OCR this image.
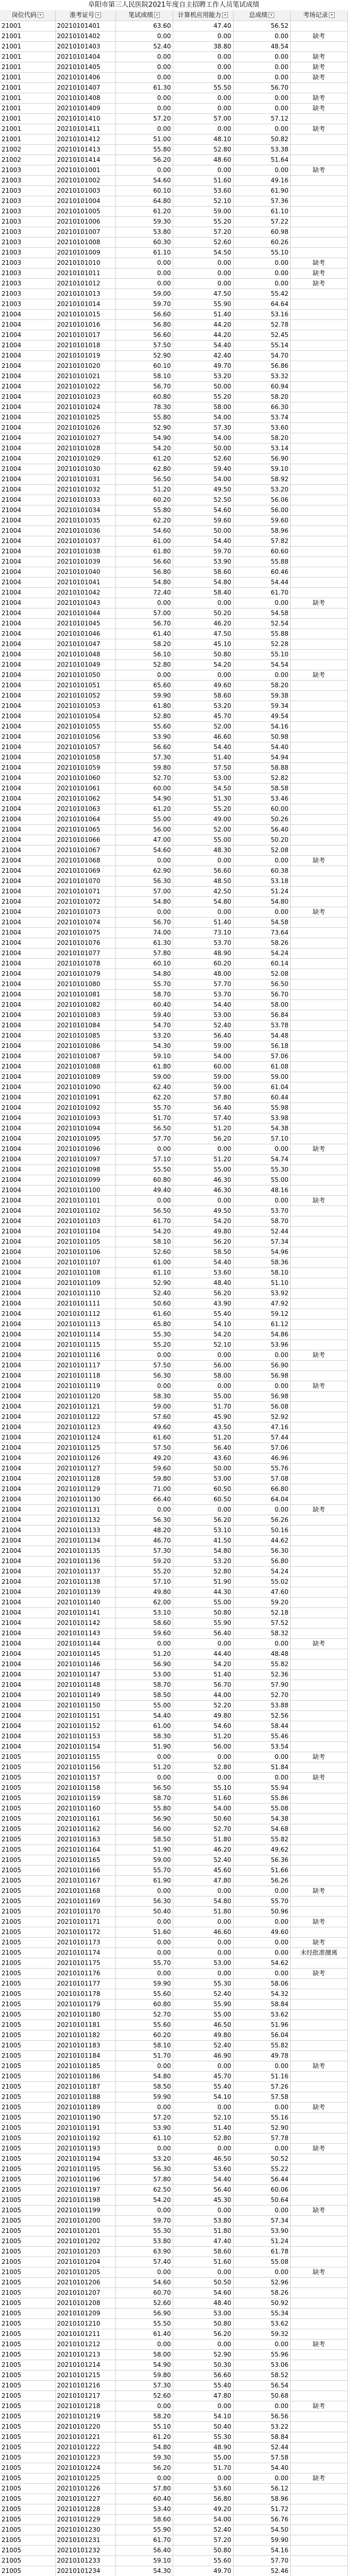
阜阳市第三人民医院2021年度自主招聘工作人员笔试成绩
岗位代码 ▾	准考证号 ▾	笔试成绩 ▾	计算机应用能力 ▾	总成绩 ▾	考场记录 ▾
21001	20210101401	63.60	47.40	56.52	
21001	20210101402	0.00	0.00	0.00	缺考
21001	20210101403	52.40	38.80	48.54	
21001	20210101404	0.00	0.00	0.00	缺考
21001	20210101405	0.00	0.00	0.00	缺考
21001	20210101406	0.00	0.00	0.00	缺考
21001	20210101407	61.30	55.50	56.70	
21001	20210101408	0.00	0.00	0.00	缺考
21001	20210101409	0.00	0.00	0.00	缺考
21001	20210101410	57.20	57.00	57.12	
21001	20210101411	0.00	0.00	0.00	缺考
21001	20210101412	51.00	48.10	50.82	
21002	20210101413	55.80	52.80	53.38	
21002	20210101414	56.20	48.60	51.64	
21003	20210101001	0.00	0.00	0.00	缺考
21003	20210101002	54.60	51.60	49.16	
21003	20210101003	60.10	53.60	61.90	
21003	20210101004	64.80	52.10	57.36	
21003	20210101005	61.20	59.00	61.10	
21003	20210101006	59.30	55.20	57.22	
21003	20210101007	53.80	57.20	60.98	
21003	20210101008	60.30	52.60	60.26	
21003	20210101009	61.10	54.50	55.10	
21003	20210101010	0.00	0.00	0.00	缺考
21003	20210101011	0.00	0.00	0.00	缺考
21003	20210101012	0.00	0.00	0.00	缺考
21003	20210101013	59.00	47.50	55.42	
21003	20210101014	59.70	55.90	64.64	
21004	20210101015	56.60	51.40	53.16	
21004	20210101016	56.80	44.20	52.78	
21004	20210101017	56.60	44.20	52.45	
21004	20210101018	57.50	54.40	55.14	
21004	20210101019	52.90	42.40	54.70	
21004	20210101020	60.10	49.70	56.86	
21004	20210101021	58.10	53.20	53.32	
21004	20210101022	56.70	50.00	60.94	
21004	20210101023	60.80	55.20	58.20	
21004	20210101024	78.30	58.00	66.30	
21004	20210101025	55.80	54.00	53.74	
21004	20210101026	52.90	57.30	53.60	
21004	20210101027	54.90	54.00	58.20	
21004	20210101028	54.20	50.00	53.14	
21004	20210101029	61.20	52.60	56.90	
21004	20210101030	62.80	59.40	59.10	
21004	20210101031	56.50	54.00	58.92	
21004	20210101032	51.20	49.50	53.20	
21004	20210101033	60.20	52.50	56.06	
21004	20210101034	55.80	54.60	56.00	
21004	20210101035	62.20	59.60	59.60	
21004	20210101036	54.60	50.00	58.96	
21004	20210101037	61.00	54.40	57.82	
21004	20210101038	61.80	59.70	60.60	
21004	20210101039	56.60	53.90	55.88	
21004	20210101040	56.80	58.60	60.46	
21004	20210101041	54.80	54.80	54.44	
21004	20210101042	72.40	58.40	61.70	
21004	20210101043	0.00	0.00	0.00	缺考
21004	20210101044	57.00	50.20	54.58	
21004	20210101045	56.70	46.20	52.54	
21004	20210101046	61.40	47.50	55.88	
21004	20210101047	58.20	45.10	52.28	
21004	20210101048	56.10	50.80	55.10	
21004	20210101049	52.80	54.20	54.54	
21004	20210101050	0.00	0.00	0.00	缺考
21004	20210101051	65.60	49.60	58.20	
21004	20210101052	59.90	58.60	59.38	
21004	20210101053	61.80	53.20	59.34	
21004	20210101054	52.80	45.70	49.54	
21004	20210101055	55.60	52.00	54.16	
21004	20210101056	53.90	46.60	50.98	
21004	20210101057	56.60	54.40	54.40	
21004	20210101058	57.30	51.40	54.94	
21004	20210101059	59.80	57.50	58.88	
21004	20210101060	52.70	53.00	52.82	
21004	20210101061	60.00	54.50	58.58	
21004	20210101062	54.90	51.30	53.46	
21004	20210101063	61.20	55.20	60.00	
21004	20210101064	55.00	49.00	50.26	
21004	20210101065	56.00	52.00	56.40	
21004	20210101066	47.00	55.00	50.20	
21004	20210101067	54.60	48.30	52.08	
21004	20210101068	0.00	0.00	0.00	缺考
21004	20210101069	62.90	56.60	60.38	
21004	20210101070	56.30	48.50	53.18	
21004	20210101071	57.00	42.50	51.24	
21004	20210101072	54.80	54.80	54.80	
21004	20210101073	0.00	0.00	0.00	缺考
21004	20210101074	56.70	51.40	54.58	
21004	20210101075	74.00	73.10	73.64	
21004	20210101076	61.30	53.70	58.26	
21004	20210101077	57.80	48.90	54.24	
21004	20210101078	60.10	60.20	60.14	
21004	20210101079	54.80	48.00	52.08	
21004	20210101080	55.70	57.70	56.50	
21004	20210101081	58.70	53.70	56.70	
21004	20210101082	60.40	54.40	58.00	
21004	20210101083	59.40	53.00	56.84	
21004	20210101084	54.70	52.40	53.78	
21004	20210101085	53.20	56.40	54.48	
21004	20210101086	54.30	59.00	56.18	
21004	20210101087	59.10	54.00	57.06	
21004	20210101088	61.80	60.00	61.08	
21004	20210101089	59.00	59.00	59.00	
21004	20210101090	62.40	59.00	61.04	
21004	20210101091	62.20	57.80	60.44	
21004	20210101092	55.70	56.40	55.98	
21004	20210101093	51.70	57.40	53.98	
21004	20210101094	56.50	51.20	54.38	
21004	20210101095	57.70	56.20	57.10	
21004	20210101096	0.00	0.00	0.00	缺考
21004	20210101097	57.10	51.20	54.74	
21004	20210101098	55.50	55.00	55.30	
21004	20210101099	60.80	46.30	55.00	
21004	20210101100	49.40	46.30	48.16	
21004	20210101101	0.00	0.00	0.00	缺考
21004	20210101102	56.50	49.50	53.70	
21004	20210101103	61.70	54.20	58.70	
21004	20210101104	54.20	49.80	52.44	
21004	20210101105	58.10	56.20	57.34	
21004	20210101106	52.60	58.50	54.96	
21004	20210101107	61.00	54.40	58.36	
21004	20210101108	61.10	53.60	58.10	
21004	20210101109	52.90	48.40	51.10	
21004	20210101110	52.40	56.20	53.92	
21004	20210101111	50.60	43.90	47.92	
21004	20210101112	61.60	55.40	59.12	
21004	20210101113	65.80	54.10	61.12	
21004	20210101114	55.30	54.20	54.86	
21004	20210101115	55.20	52.10	53.96	
21004	20210101116	0.00	0.00	0.00	缺考
21004	20210101117	57.50	56.00	56.90	
21004	20210101118	56.30	58.00	56.98	
21004	20210101119	0.00	0.00	0.00	缺考
21004	20210101120	58.30	55.00	56.98	
21004	20210101121	59.00	51.70	56.08	
21004	20210101122	57.60	45.90	52.92	
21004	20210101123	49.60	43.50	47.16	
21004	20210101124	61.60	51.20	57.44	
21004	20210101125	57.50	56.40	57.06	
21004	20210101126	49.20	43.60	46.96	
21004	20210101127	59.60	50.00	55.76	
21004	20210101128	59.80	53.00	57.08	
21004	20210101129	71.00	60.50	66.80	
21004	20210101130	66.40	60.50	64.04	
21004	20210101131	0.00	0.00	0.00	缺考
21004	20210101132	56.30	56.20	56.26	
21004	20210101133	48.20	53.10	50.16	
21004	20210101134	46.70	41.50	44.62	
21004	20210101135	57.30	54.80	56.30	
21004	20210101136	59.20	53.20	56.80	
21004	20210101137	55.20	52.80	54.24	
21004	20210101138	57.10	51.90	55.02	
21004	20210101139	49.80	44.30	47.60	
21004	20210101140	62.00	55.00	59.20	
21004	20210101141	53.10	50.80	52.18	
21004	20210101142	58.60	55.90	57.52	
21004	20210101143	59.60	56.40	58.32	
21004	20210101144	0.00	0.00	0.00	缺考
21004	20210101145	51.20	44.40	48.48	
21004	20210101146	56.90	54.20	55.82	
21004	20210101147	53.00	51.40	52.36	
21004	20210101148	58.70	56.70	57.90	
21004	20210101149	58.50	44.00	52.70	
21004	20210101150	55.00	52.20	53.88	
21004	20210101151	54.40	49.80	52.56	
21004	20210101152	61.00	54.60	58.44	
21004	20210101153	58.30	51.20	55.46	
21004	20210101154	51.90	56.00	53.54	
21005	20210101155	0.00	0.00	0.00	缺考
21005	20210101156	51.20	52.80	51.84	
21005	20210101157	0.00	0.00	0.00	缺考
21005	20210101158	56.50	55.10	55.94	
21005	20210101159	58.70	51.60	55.86	
21005	20210101160	55.80	54.00	55.08	
21005	20210101161	56.90	50.60	54.38	
21005	20210101162	56.00	52.70	54.68	
21005	20210101163	58.50	51.80	55.82	
21005	20210101164	51.90	46.20	49.62	
21005	20210101165	59.00	52.40	56.36	
21005	20210101166	55.70	45.60	51.66	
21005	20210101167	61.90	47.80	56.26	
21005	20210101168	0.00	0.00	0.00	缺考
21005	20210101169	56.30	54.80	55.70	
21005	20210101170	50.40	51.80	50.96	
21005	20210101171	0.00	0.00	0.00	缺考
21005	20210101172	51.60	46.60	49.60	
21005	20210101173	0.00	0.00	0.00	缺考
21005	20210101174	0.00	0.00	0.00	未经批准擅离
21005	20210101175	55.70	53.00	54.62	
21005	20210101176	0.00	0.00	0.00	缺考
21005	20210101177	59.90	55.30	58.06	
21005	20210101178	55.60	52.40	54.32	
21005	20210101179	60.80	55.90	58.84	
21005	20210101180	52.70	55.00	53.62	
21005	20210101181	55.60	46.50	51.96	
21005	20210101182	60.20	49.80	56.04	
21005	20210101183	58.10	52.40	55.82	
21005	20210101184	51.70	46.90	49.78	
21005	20210101185	0.00	0.00	0.00	缺考
21005	20210101186	54.80	45.70	51.16	
21005	20210101187	58.50	55.40	57.26	
21005	20210101188	59.90	54.10	57.58	
21005	20210101189	0.00	0.00	0.00	缺考
21005	20210101190	57.20	52.10	55.16	
21005	20210101191	53.90	51.40	52.90	
21005	20210101192	61.10	52.80	57.78	
21005	20210101193	0.00	0.00	0.00	缺考
21005	20210101194	53.20	46.50	50.52	
21005	20210101195	56.30	53.60	55.22	
21005	20210101196	57.80	54.40	56.44	
21005	20210101197	62.50	56.40	60.06	
21005	20210101198	54.20	45.30	50.64	
21005	20210101199	0.00	0.00	0.00	缺考
21005	20210101200	59.70	53.80	57.34	
21005	20210101201	55.30	51.80	53.90	
21005	20210101202	53.80	47.40	51.24	
21005	20210101203	63.90	58.60	61.78	
21005	20210101204	57.40	51.60	55.08	
21005	20210101205	0.00	0.00	0.00	缺考
21005	20210101206	54.60	50.50	52.96	
21005	20210101207	60.70	54.60	58.26	
21005	20210101208	52.60	48.40	50.92	
21005	20210101209	56.90	53.00	55.34	
21005	20210101210	55.50	50.80	53.62	
21005	20210101211	61.40	56.20	59.32	
21005	20210101212	0.00	0.00	0.00	缺考
21005	20210101213	58.00	52.90	55.96	
21005	20210101214	54.90	50.30	53.06	
21005	20210101215	59.80	56.60	58.52	
21005	20210101216	57.30	55.40	56.54	
21005	20210101217	52.60	47.80	50.68	
21005	20210101218	0.00	0.00	0.00	缺考
21005	20210101219	58.20	54.10	56.56	
21005	20210101220	55.10	50.40	53.22	
21005	20210101221	61.20	55.30	58.84	
21005	20210101222	54.80	48.90	52.44	
21005	20210101223	59.30	55.00	57.58	
21005	20210101224	56.20	51.70	54.40	
21005	20210101225	0.00	0.00	0.00	缺考
21005	20210101226	57.80	53.60	56.12	
21005	20210101227	60.40	56.80	58.96	
21005	20210101228	53.40	49.20	51.72	
21005	20210101229	58.60	54.00	56.76	
21005	20210101230	55.90	52.40	54.50	
21005	20210101231	61.70	57.20	59.90	
21005	20210101232	56.40	50.80	54.16	
21005	20210101233	59.10	55.60	57.70	
21005	20210101234	54.30	49.70	52.46	
